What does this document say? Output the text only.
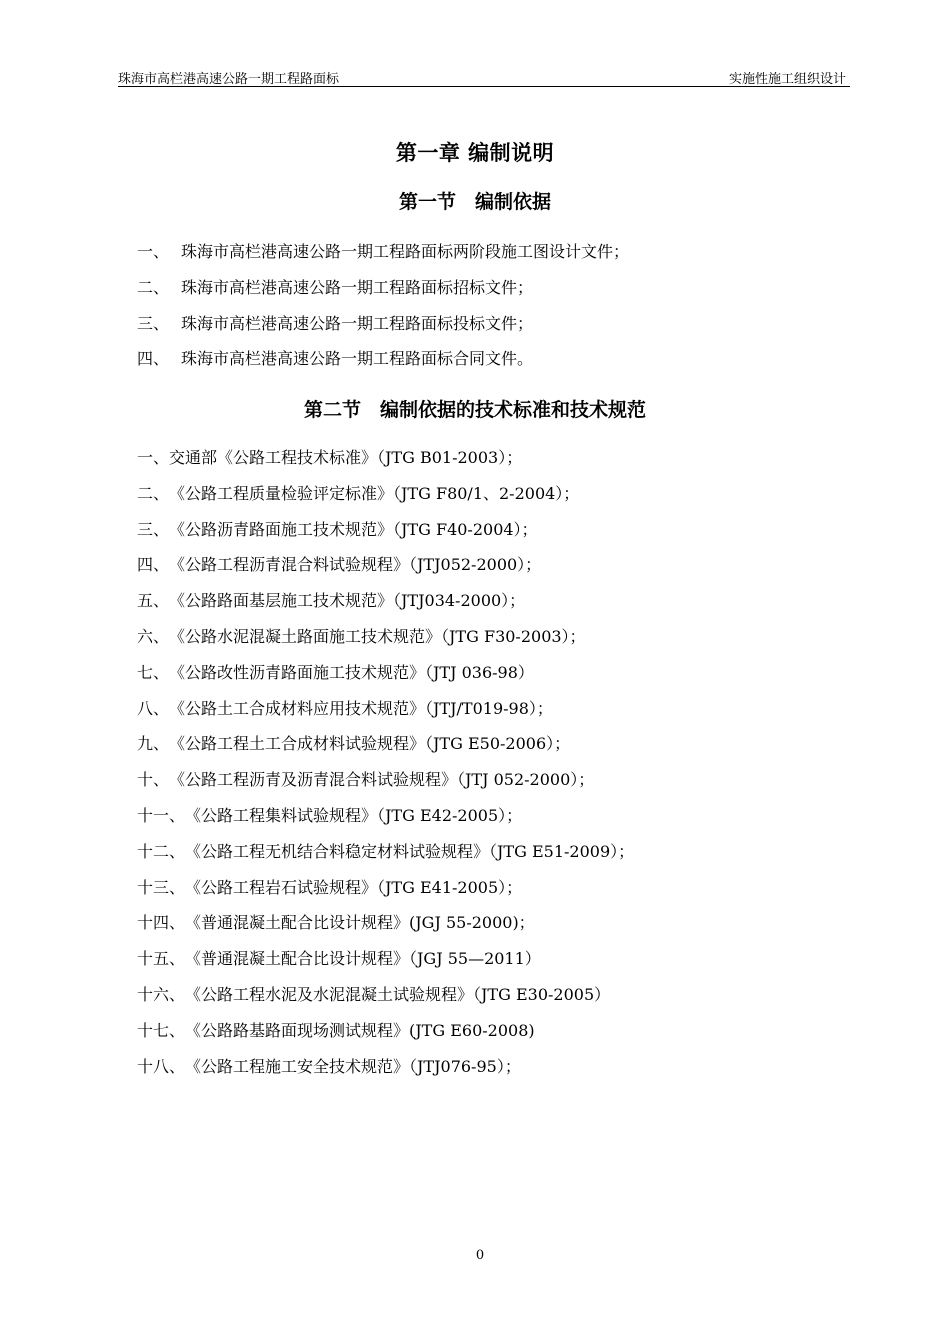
珠海市高栏港高速公路一期工程路面标	实施性施工组织设计
第一章 编制说明
第一节　编制依据
一、 珠海市高栏港高速公路一期工程路面标两阶段施工图设计文件；
二、 珠海市高栏港高速公路一期工程路面标招标文件；
三、 珠海市高栏港高速公路一期工程路面标投标文件；
四、 珠海市高栏港高速公路一期工程路面标合同文件。
第二节　编制依据的技术标准和技术规范
一、交通部《公路工程技术标准》（JTG B01-2003）；
二、《公路工程质量检验评定标准》（JTG F80/1、2-2004）；
三、《公路沥青路面施工技术规范》（JTG F40-2004）；
四、《公路工程沥青混合料试验规程》（JTJ052-2000）；
五、《公路路面基层施工技术规范》（JTJ034-2000）；
六、《公路水泥混凝土路面施工技术规范》（JTG F30-2003）；
七、《公路改性沥青路面施工技术规范》（JTJ 036-98）
八、《公路土工合成材料应用技术规范》（JTJ/T019-98）；
九、《公路工程土工合成材料试验规程》（JTG E50-2006）；
十、《公路工程沥青及沥青混合料试验规程》（JTJ 052-2000）；
十一、《公路工程集料试验规程》（JTG E42-2005）；
十二、《公路工程无机结合料稳定材料试验规程》（JTG E51-2009）；
十三、《公路工程岩石试验规程》（JTG E41-2005）；
十四、《普通混凝土配合比设计规程》(JGJ 55-2000)；
十五、《普通混凝土配合比设计规程》（JGJ 55—2011）
十六、《公路工程水泥及水泥混凝土试验规程》（JTG E30-2005）
十七、《公路路基路面现场测试规程》(JTG E60-2008)
十八、《公路工程施工安全技术规范》（JTJ076-95）；
0
